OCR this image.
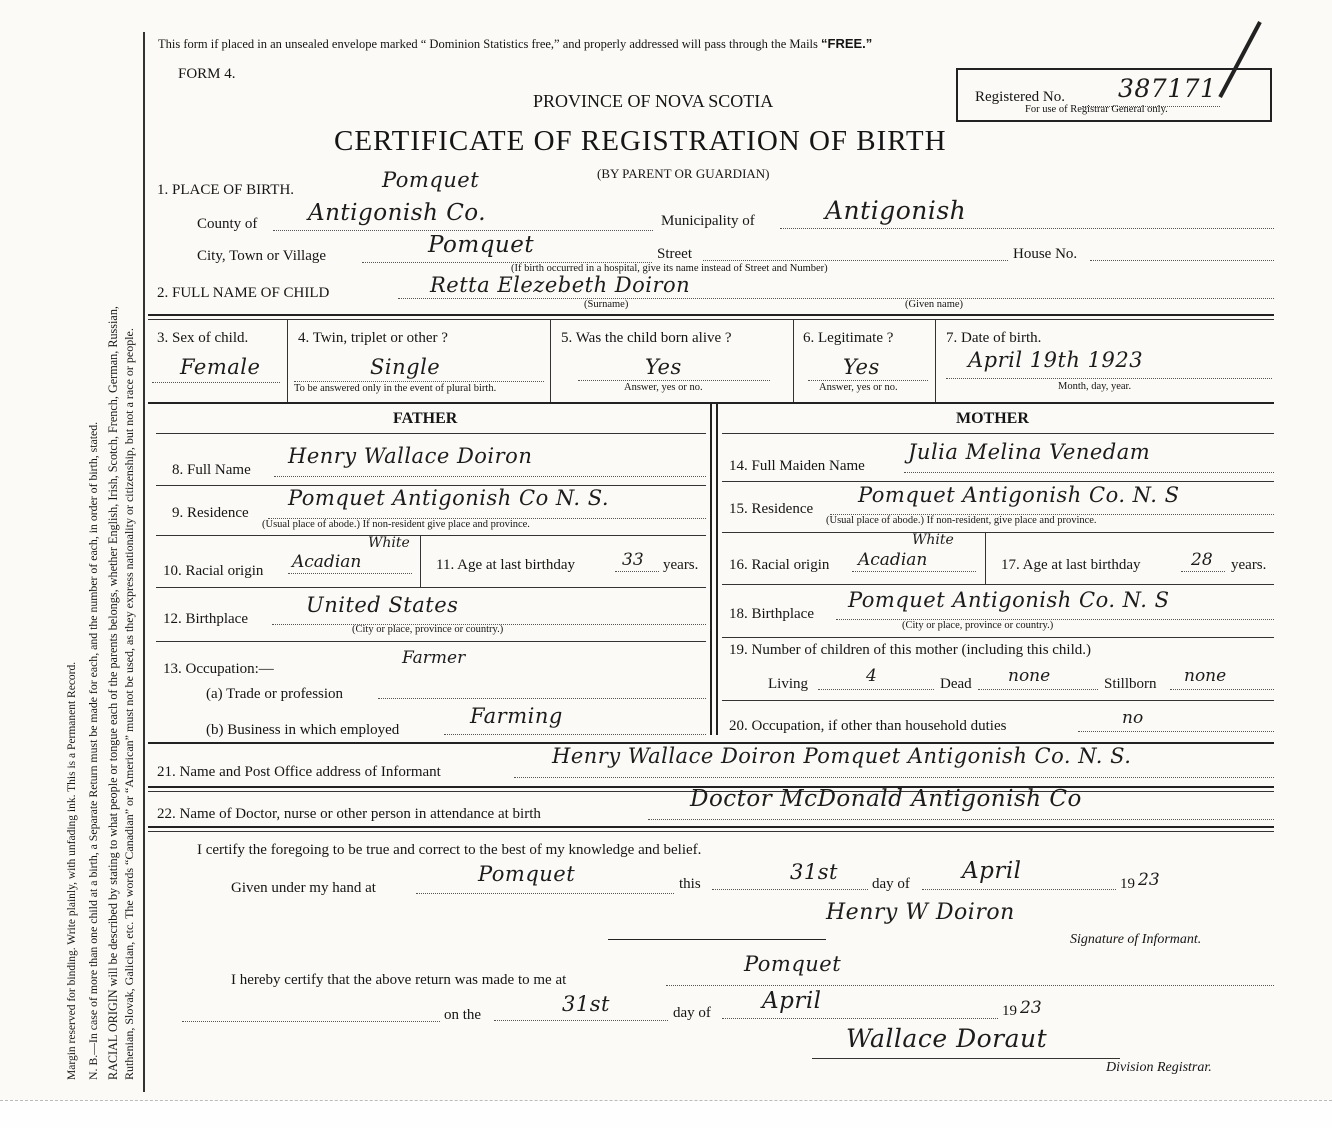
Margin reserved for binding. Write plainly, with unfading ink. This is a Permanent Record. N. B.—In case of more than one child at a birth, a Separate Return must be made for each, and the number of each, in order of birth, stated. RACIAL ORIGIN will be described by stating to what people or tongue each of the parents belongs, whether English, Irish, Scotch, French, German, Russian, Ruthenian, Slovak, Galician, etc. The words “Canadian” or “American” must not be used, as they express nationality or citizenship, but not a race or people.
This form if placed in an unsealed envelope marked “ Dominion Statistics free,” and properly addressed will pass through the Mails “FREE.”
FORM 4.
PROVINCE OF NOVA SCOTIA
CERTIFICATE OF REGISTRATION OF BIRTH
(BY PARENT OR GUARDIAN)
Registered No. 387171
For use of Registrar General only.
1. PLACE OF BIRTH.	Pomquet
County of Antigonish Co.	Municipality of	Antigonish
City, Town or Village	Pomquet	Street	House No.
(If birth occurred in a hospital, give its name instead of Street and Number)
2. FULL NAME OF CHILD	Retta Elezebeth Doiron
(Surname)	(Given name)
3. Sex of child.
Female
4. Twin, triplet or other ?
Single
To be answered only in the event of plural birth.
5. Was the child born alive ?
Yes
Answer, yes or no.
6. Legitimate ?
Yes
Answer, yes or no.
7. Date of birth.
April 19th 1923
Month, day, year.
FATHER	MOTHER
8. Full Name
Henry Wallace Doiron
9. Residence
Pomquet Antigonish Co N. S.
(Usual place of abode.) If non-resident give place and province.
10. Racial origin Acadian
White
11. Age at last birthday	33 years.
12. Birthplace
United States
(City or place, province or country.)
13. Occupation:—
Farmer
(a) Trade or profession
(b) Business in which employed
Farming
14. Full Maiden Name
Julia Melina Venedam
15. Residence
Pomquet Antigonish Co. N. S
(Usual place of abode.) If non-resident, give place and province.
16. Racial origin Acadian
White
17. Age at last birthday	28 years.
18. Birthplace
Pomquet Antigonish Co. N. S
(City or place, province or country.)
19. Number of children of this mother (including this child.)
Living	4	Dead none	Stillborn none
20. Occupation, if other than household duties	no
21. Name and Post Office address of Informant
Henry Wallace Doiron Pomquet Antigonish Co. N. S.
22. Name of Doctor, nurse or other person in attendance at birth
Doctor McDonald Antigonish Co
I certify the foregoing to be true and correct to the best of my knowledge and belief.
Given under my hand at
Pomquet	this	31st day of April	19 23
Henry W Doiron
Signature of Informant.
I hereby certify that the above return was made to me at
Pomquet
on the	31st	day of April	19 23
Wallace Doraut
Division Registrar.
